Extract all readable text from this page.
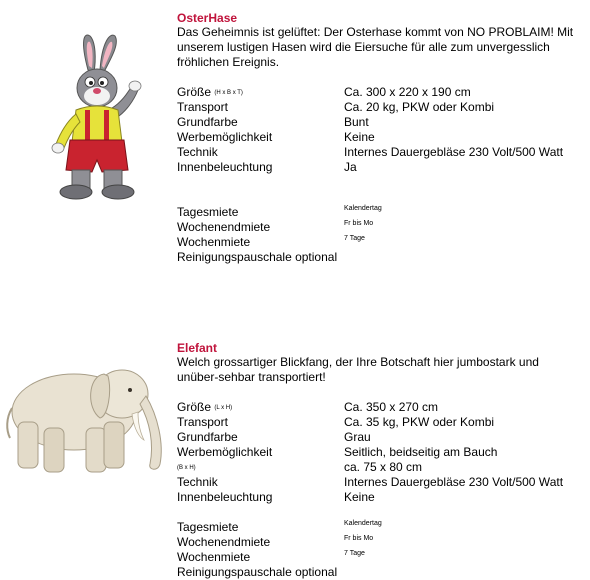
OsterHase
Das Geheimnis ist gelüftet: Der Osterhase kommt von NO PROBLAIM! Mit unserem lustigen Hasen wird die Eiersuche für alle zum unvergesslich fröhlichen Ereignis.
Größe (H x B x T)	Ca. 300 x 220 x 190 cm
Transport	Ca. 20 kg, PKW oder Kombi
Grundfarbe	Bunt
Werbemöglichkeit	Keine
Technik	Internes Dauergebläse 230 Volt/500 Watt
Innenbeleuchtung	Ja
Tagesmiete	Kalendertag
Wochenendmiete	Fr bis Mo
Wochenmiete	7 Tage
Reinigungspauschale optional
Elefant
Welch grossartiger Blickfang, der Ihre Botschaft hier jumbostark und unüber-sehbar transportiert!
Größe (L x H)	Ca. 350 x 270 cm
Transport	Ca. 35 kg, PKW oder Kombi
Grundfarbe	Grau
Werbemöglichkeit	Seitlich, beidseitig am Bauch
(B x H)	ca. 75 x 80 cm
Technik	Internes Dauergebläse 230 Volt/500 Watt
Innenbeleuchtung	Keine
Tagesmiete	Kalendertag
Wochenendmiete	Fr bis Mo
Wochenmiete	7 Tage
Reinigungspauschale optional
